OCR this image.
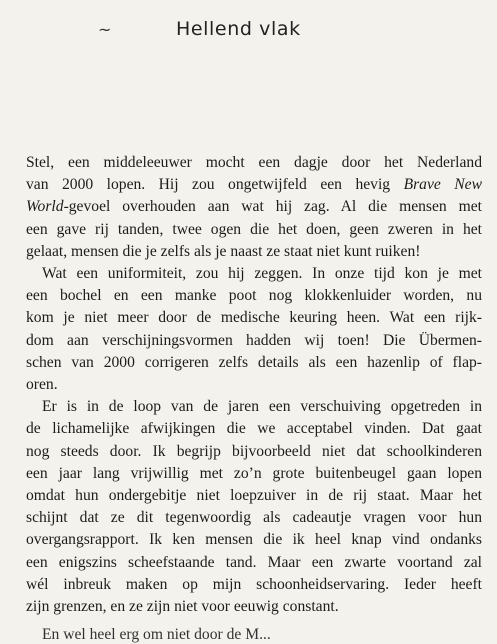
~	Hellend vlak

Stel, een middeleeuwer mocht een dagje door het Nederland
van 2000 lopen. Hij zou ongetwijfeld een hevig Brave New
World-gevoel overhouden aan wat hij zag. Al die mensen met
een gave rij tanden, twee ogen die het doen, geen zweren in het
gelaat, mensen die je zelfs als je naast ze staat niet kunt ruiken!

Wat een uniformiteit, zou hij zeggen. In onze tijd kon je met
een bochel en een manke poot nog klokkenluider worden, nu
kom je niet meer door de medische keuring heen. Wat een rijk-
dom aan verschijningsvormen hadden wij toen! Die Übermen-
schen van 2000 corrigeren zelfs details als een hazenlip of flap-
oren.

Er is in de loop van de jaren een verschuiving opgetreden in
de lichamelijke afwijkingen die we acceptabel vinden. Dat gaat
nog steeds door. Ik begrijp bijvoorbeeld niet dat schoolkinderen
een jaar lang vrijwillig met zo’n grote buitenbeugel gaan lopen
omdat hun ondergebitje niet loepzuiver in de rij staat. Maar het
schijnt dat ze dit tegenwoordig als cadeautje vragen voor hun
overgangsrapport. Ik ken mensen die ik heel knap vind ondanks
een enigszins scheefstaande tand. Maar een zwarte voortand zal
wél inbreuk maken op mijn schoonheidservaring. Ieder heeft
zijn grenzen, en ze zijn niet voor eeuwig constant.

En wel heel erg om niet door de M...
